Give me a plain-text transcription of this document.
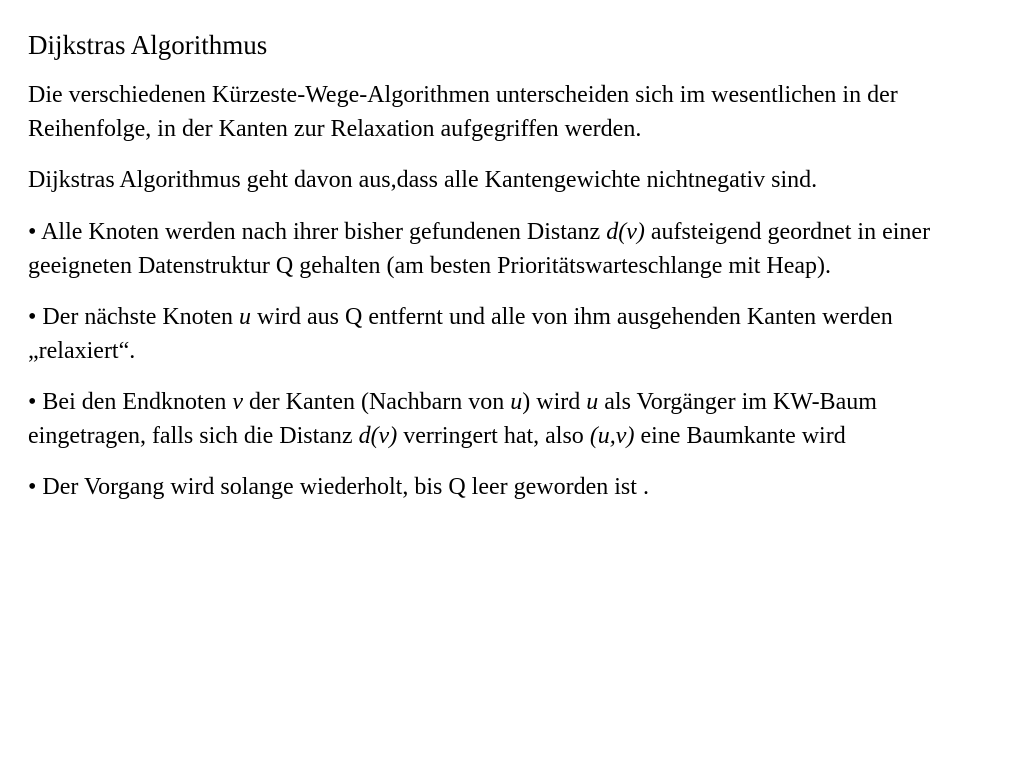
Dijkstras Algorithmus

Die verschiedenen Kürzeste-Wege-Algorithmen unterscheiden sich im wesentlichen in der Reihenfolge, in der Kanten zur Relaxation aufgegriffen werden.

Dijkstras Algorithmus geht davon aus,dass alle Kantengewichte nichtnegativ sind.

• Alle Knoten werden nach ihrer bisher gefundenen Distanz d(v) aufsteigend geordnet in einer geeigneten Datenstruktur Q gehalten (am besten Prioritätswarteschlange mit Heap).

• Der nächste Knoten u wird aus Q entfernt und alle von ihm ausgehenden Kanten werden „relaxiert“.

• Bei den Endknoten v der Kanten (Nachbarn von u) wird u als Vorgänger im KW-Baum eingetragen, falls sich die Distanz d(v) verringert hat, also (u,v) eine Baumkante wird

• Der Vorgang wird solange wiederholt, bis Q leer geworden ist .
